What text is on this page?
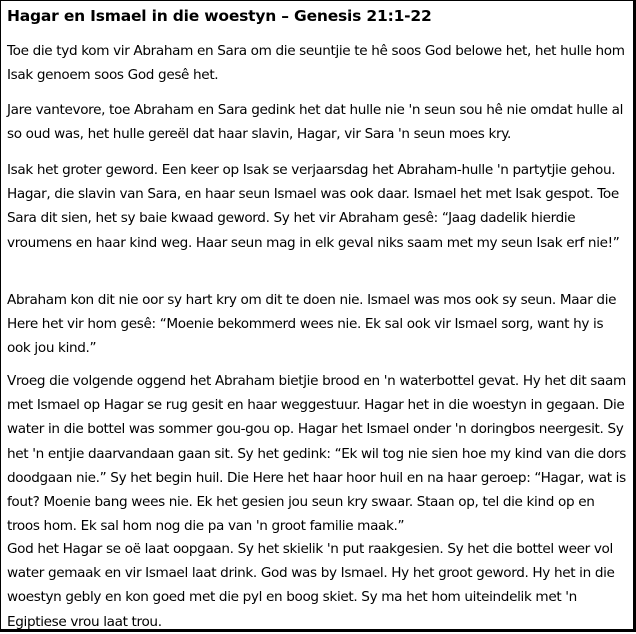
Hagar en Ismael in die woestyn – Genesis 21:1-22

Toe die tyd kom vir Abraham en Sara om die seuntjie te hê soos God belowe het, het hulle hom Isak genoem soos God gesê het.

Jare vantevore, toe Abraham en Sara gedink het dat hulle nie 'n seun sou hê nie omdat hulle al so oud was, het hulle gereël dat haar slavin, Hagar, vir Sara 'n seun moes kry.

Isak het groter geword. Een keer op Isak se verjaarsdag het Abraham-hulle 'n partytjie gehou. Hagar, die slavin van Sara, en haar seun Ismael was ook daar. Ismael het met Isak gespot. Toe Sara dit sien, het sy baie kwaad geword. Sy het vir Abraham gesê: “Jaag dadelik hierdie vroumens en haar kind weg. Haar seun mag in elk geval niks saam met my seun Isak erf nie!”

Abraham kon dit nie oor sy hart kry om dit te doen nie. Ismael was mos ook sy seun. Maar die Here het vir hom gesê: “Moenie bekommerd wees nie. Ek sal ook vir Ismael sorg, want hy is ook jou kind.”

Vroeg die volgende oggend het Abraham bietjie brood en 'n waterbottel gevat. Hy het dit saam met Ismael op Hagar se rug gesit en haar weggestuur. Hagar het in die woestyn in gegaan. Die water in die bottel was sommer gou-gou op. Hagar het Ismael onder 'n doringbos neergesit. Sy het 'n entjie daarvandaan gaan sit. Sy het gedink: “Ek wil tog nie sien hoe my kind van die dors doodgaan nie.” Sy het begin huil. Die Here het haar hoor huil en na haar geroep: “Hagar, wat is fout? Moenie bang wees nie. Ek het gesien jou seun kry swaar. Staan op, tel die kind op en troos hom. Ek sal hom nog die pa van 'n groot familie maak.”

God het Hagar se oë laat oopgaan. Sy het skielik 'n put raakgesien. Sy het die bottel weer vol water gemaak en vir Ismael laat drink. God was by Ismael. Hy het groot geword. Hy het in die woestyn gebly en kon goed met die pyl en boog skiet. Sy ma het hom uiteindelik met 'n Egiptiese vrou laat trou.
